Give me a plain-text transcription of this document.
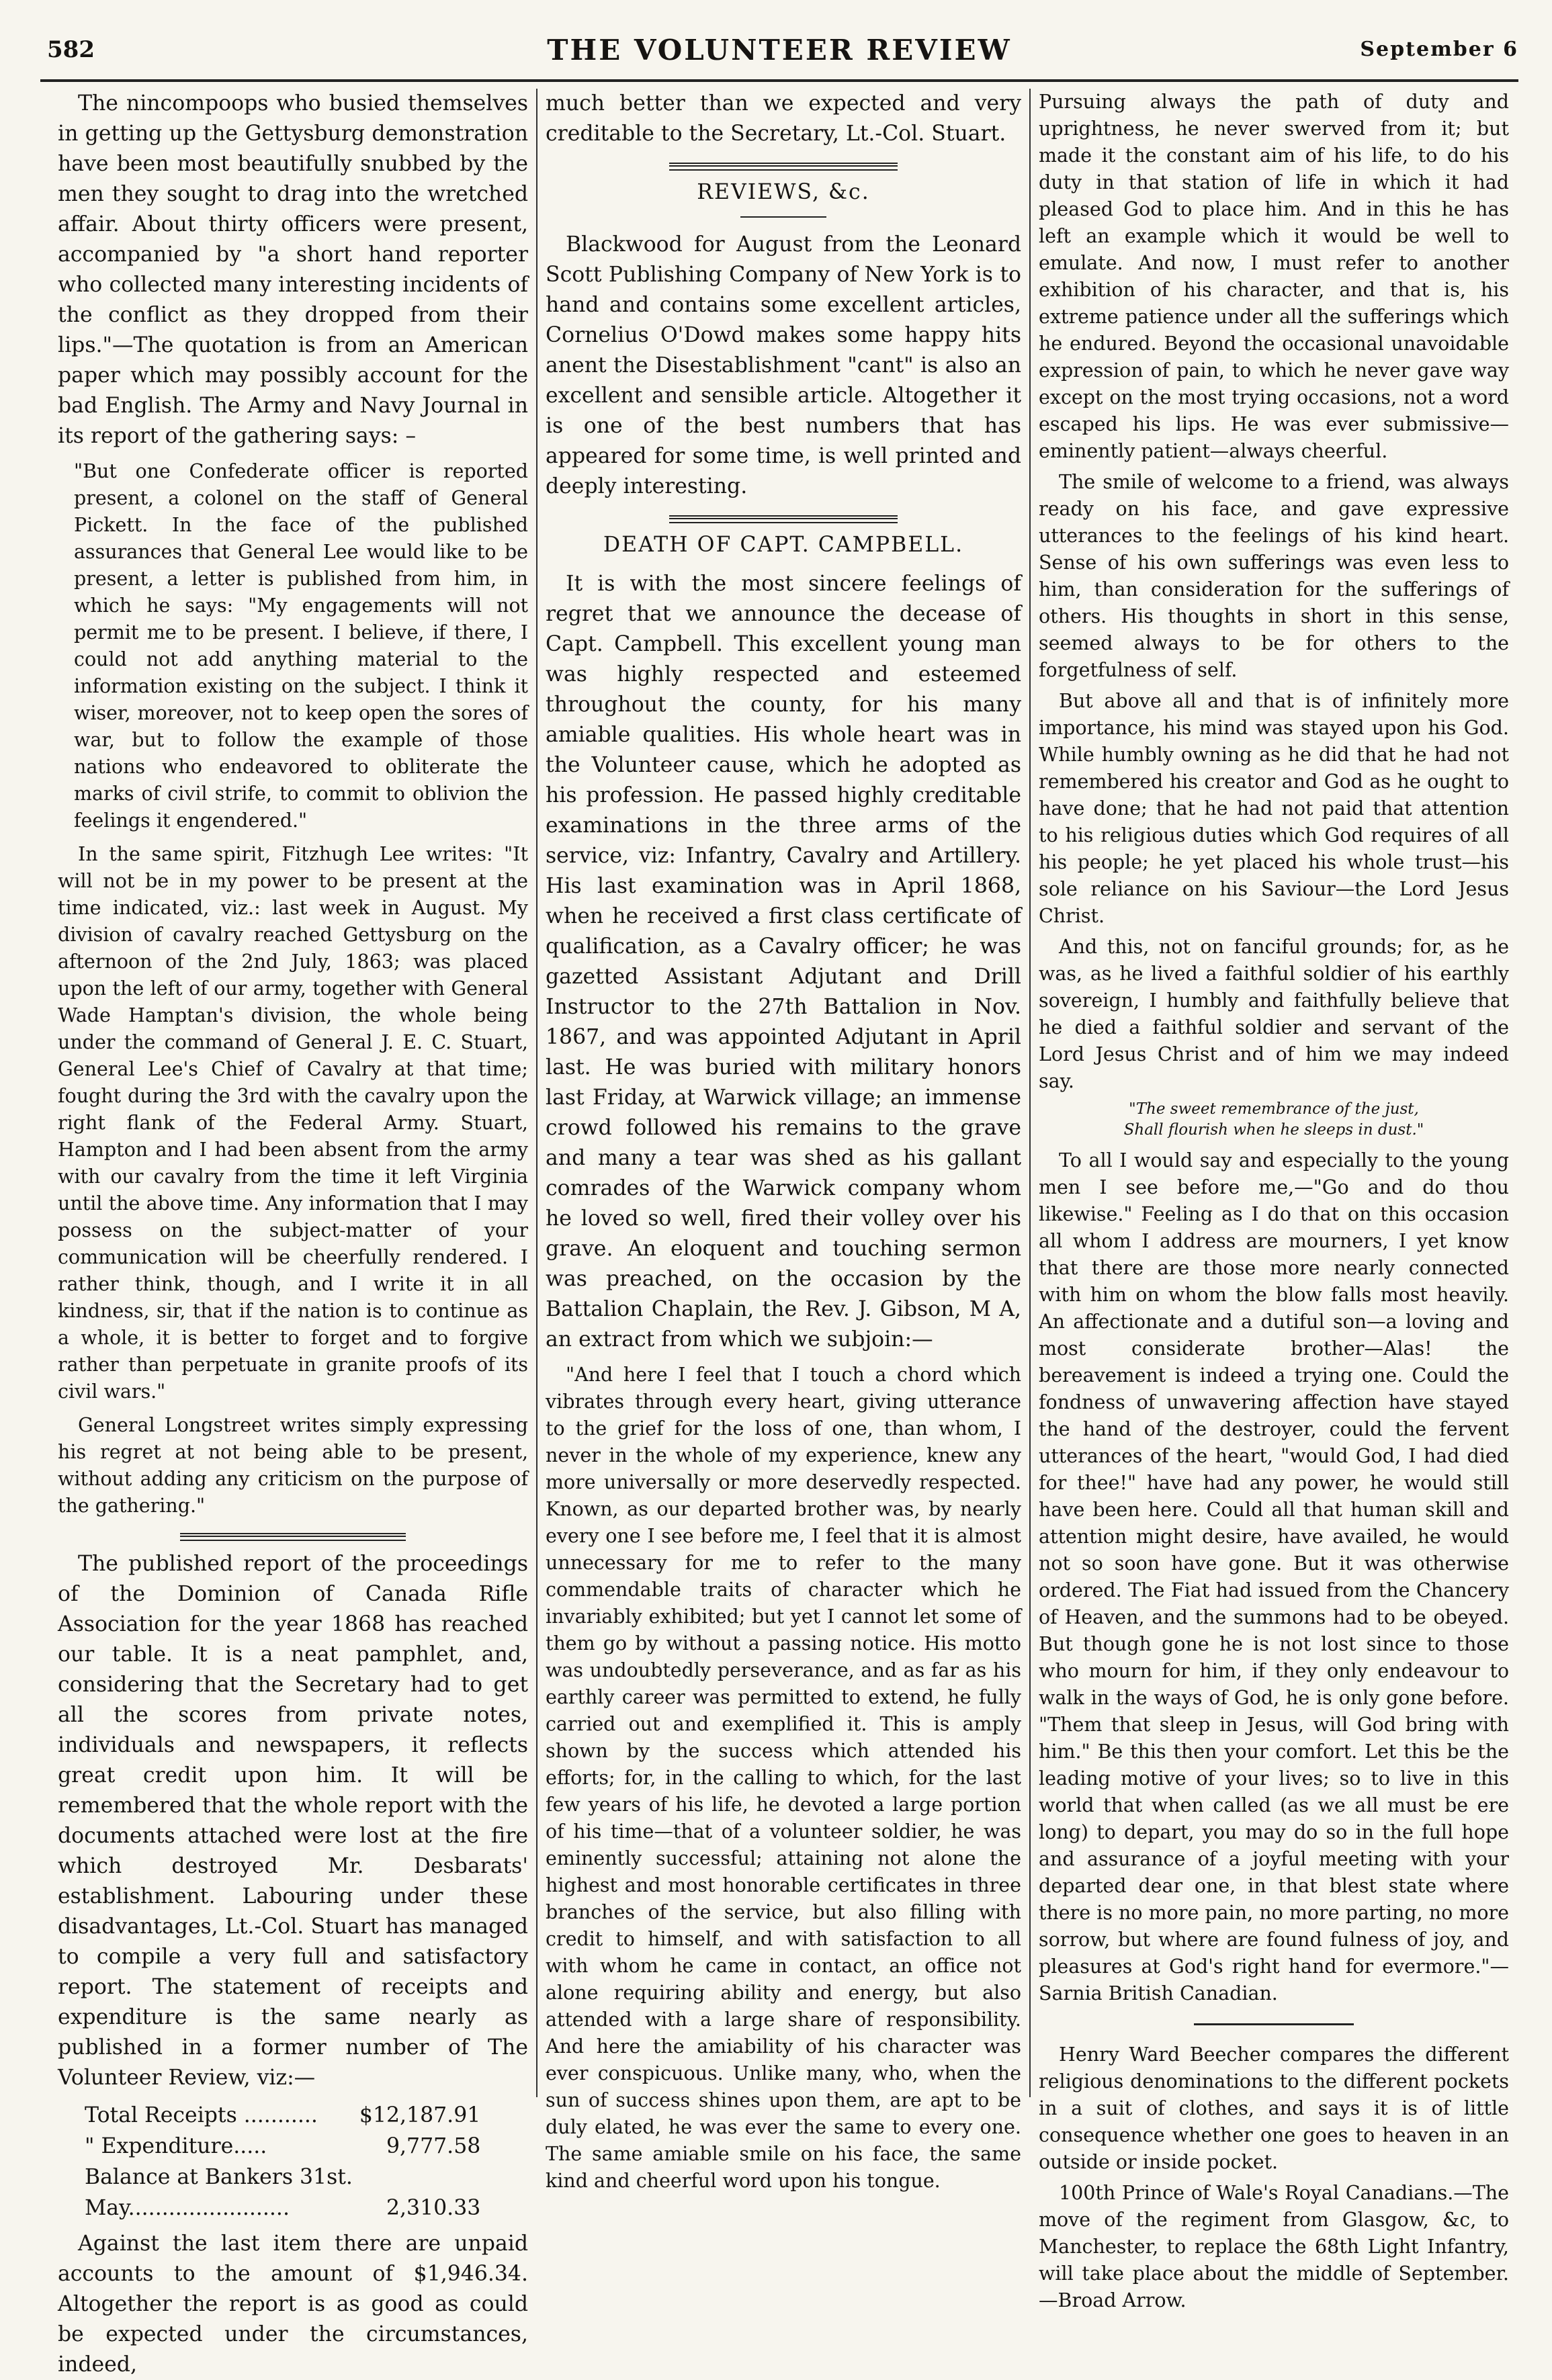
582	THE VOLUNTEER REVIEW	September 6

The nincompoops who busied themselves in getting up the Gettysburg demonstration have been most beautifully snubbed by the men they sought to drag into the wretched affair. About thirty officers were present, accompanied by "a short hand reporter who collected many interesting incidents of the conflict as they dropped from their lips."—The quotation is from an American paper which may possibly account for the bad English. The Army and Navy Journal in its report of the gathering says: –

"But one Confederate officer is reported present, a colonel on the staff of General Pickett. In the face of the published assurances that General Lee would like to be present, a letter is published from him, in which he says: "My engagements will not permit me to be present. I believe, if there, I could not add anything material to the information existing on the subject. I think it wiser, moreover, not to keep open the sores of war, but to follow the example of those nations who endeavored to obliterate the marks of civil strife, to commit to oblivion the feelings it engendered."

In the same spirit, Fitzhugh Lee writes: "It will not be in my power to be present at the time indicated, viz.: last week in August. My division of cavalry reached Gettysburg on the afternoon of the 2nd July, 1863; was placed upon the left of our army, together with General Wade Hamptan's division, the whole being under the command of General J. E. C. Stuart, General Lee's Chief of Cavalry at that time; fought during the 3rd with the cavalry upon the right flank of the Federal Army. Stuart, Hampton and I had been absent from the army with our cavalry from the time it left Virginia until the above time. Any information that I may possess on the subject-matter of your communication will be cheerfully rendered. I rather think, though, and I write it in all kindness, sir, that if the nation is to continue as a whole, it is better to forget and to forgive rather than perpetuate in granite proofs of its civil wars."

General Longstreet writes simply expressing his regret at not being able to be present, without adding any criticism on the purpose of the gathering."

The published report of the proceedings of the Dominion of Canada Rifle Association for the year 1868 has reached our table. It is a neat pamphlet, and, considering that the Secretary had to get all the scores from private notes, individuals and newspapers, it reflects great credit upon him. It will be remembered that the whole report with the documents attached were lost at the fire which destroyed Mr. Desbarats' establishment. Labouring under these disadvantages, Lt.-Col. Stuart has managed to compile a very full and satisfactory report. The statement of receipts and expenditure is the same nearly as published in a former number of The Volunteer Review, viz:—

Total Receipts ...........	$12,187.91
" Expenditure.....	9,777.58
Balance at Bankers 31st.	
May........................	2,310.33

Against the last item there are unpaid accounts to the amount of $1,946.34. Altogether the report is as good as could be expected under the circumstances, indeed,

much better than we expected and very creditable to the Secretary, Lt.-Col. Stuart.

REVIEWS, &c.

Blackwood for August from the Leonard Scott Publishing Company of New York is to hand and contains some excellent articles, Cornelius O'Dowd makes some happy hits anent the Disestablishment "cant" is also an excellent and sensible article. Altogether it is one of the best numbers that has appeared for some time, is well printed and deeply interesting.

DEATH OF CAPT. CAMPBELL.

It is with the most sincere feelings of regret that we announce the decease of Capt. Campbell. This excellent young man was highly respected and esteemed throughout the county, for his many amiable qualities. His whole heart was in the Volunteer cause, which he adopted as his profession. He passed highly creditable examinations in the three arms of the service, viz: Infantry, Cavalry and Artillery. His last examination was in April 1868, when he received a first class certificate of qualification, as a Cavalry officer; he was gazetted Assistant Adjutant and Drill Instructor to the 27th Battalion in Nov. 1867, and was appointed Adjutant in April last. He was buried with military honors last Friday, at Warwick village; an immense crowd followed his remains to the grave and many a tear was shed as his gallant comrades of the Warwick company whom he loved so well, fired their volley over his grave. An eloquent and touching sermon was preached, on the occasion by the Battalion Chaplain, the Rev. J. Gibson, M A, an extract from which we subjoin:—

"And here I feel that I touch a chord which vibrates through every heart, giving utterance to the grief for the loss of one, than whom, I never in the whole of my experience, knew any more universally or more deservedly respected. Known, as our departed brother was, by nearly every one I see before me, I feel that it is almost unnecessary for me to refer to the many commendable traits of character which he invariably exhibited; but yet I cannot let some of them go by without a passing notice. His motto was undoubtedly perseverance, and as far as his earthly career was permitted to extend, he fully carried out and exemplified it. This is amply shown by the success which attended his efforts; for, in the calling to which, for the last few years of his life, he devoted a large portion of his time—that of a volunteer soldier, he was eminently successful; attaining not alone the highest and most honorable certificates in three branches of the service, but also filling with credit to himself, and with satisfaction to all with whom he came in contact, an office not alone requiring ability and energy, but also attended with a large share of responsibility. And here the amiability of his character was ever conspicuous. Unlike many, who, when the sun of success shines upon them, are apt to be duly elated, he was ever the same to every one. The same amiable smile on his face, the same kind and cheerful word upon his tongue.

Pursuing always the path of duty and uprightness, he never swerved from it; but made it the constant aim of his life, to do his duty in that station of life in which it had pleased God to place him. And in this he has left an example which it would be well to emulate. And now, I must refer to another exhibition of his character, and that is, his extreme patience under all the sufferings which he endured. Beyond the occasional unavoidable expression of pain, to which he never gave way except on the most trying occasions, not a word escaped his lips. He was ever submissive—eminently patient—always cheerful.

The smile of welcome to a friend, was always ready on his face, and gave expressive utterances to the feelings of his kind heart. Sense of his own sufferings was even less to him, than consideration for the sufferings of others. His thoughts in short in this sense, seemed always to be for others to the forgetfulness of self.

But above all and that is of infinitely more importance, his mind was stayed upon his God. While humbly owning as he did that he had not remembered his creator and God as he ought to have done; that he had not paid that attention to his religious duties which God requires of all his people; he yet placed his whole trust—his sole reliance on his Saviour—the Lord Jesus Christ.

And this, not on fanciful grounds; for, as he was, as he lived a faithful soldier of his earthly sovereign, I humbly and faithfully believe that he died a faithful soldier and servant of the Lord Jesus Christ and of him we may indeed say.

"The sweet remembrance of the just,
Shall flourish when he sleeps in dust."

To all I would say and especially to the young men I see before me,—"Go and do thou likewise." Feeling as I do that on this occasion all whom I address are mourners, I yet know that there are those more nearly connected with him on whom the blow falls most heavily. An affectionate and a dutiful son—a loving and most considerate brother—Alas! the bereavement is indeed a trying one. Could the fondness of unwavering affection have stayed the hand of the destroyer, could the fervent utterances of the heart, "would God, I had died for thee!" have had any power, he would still have been here. Could all that human skill and attention might desire, have availed, he would not so soon have gone. But it was otherwise ordered. The Fiat had issued from the Chancery of Heaven, and the summons had to be obeyed. But though gone he is not lost since to those who mourn for him, if they only endeavour to walk in the ways of God, he is only gone before. "Them that sleep in Jesus, will God bring with him." Be this then your comfort. Let this be the leading motive of your lives; so to live in this world that when called (as we all must be ere long) to depart, you may do so in the full hope and assurance of a joyful meeting with your departed dear one, in that blest state where there is no more pain, no more parting, no more sorrow, but where are found fulness of joy, and pleasures at God's right hand for evermore."—Sarnia British Canadian.

Henry Ward Beecher compares the different religious denominations to the different pockets in a suit of clothes, and says it is of little consequence whether one goes to heaven in an outside or inside pocket.

100th Prince of Wale's Royal Canadians.—The move of the regiment from Glasgow, &c, to Manchester, to replace the 68th Light Infantry, will take place about the middle of September.—Broad Arrow.
